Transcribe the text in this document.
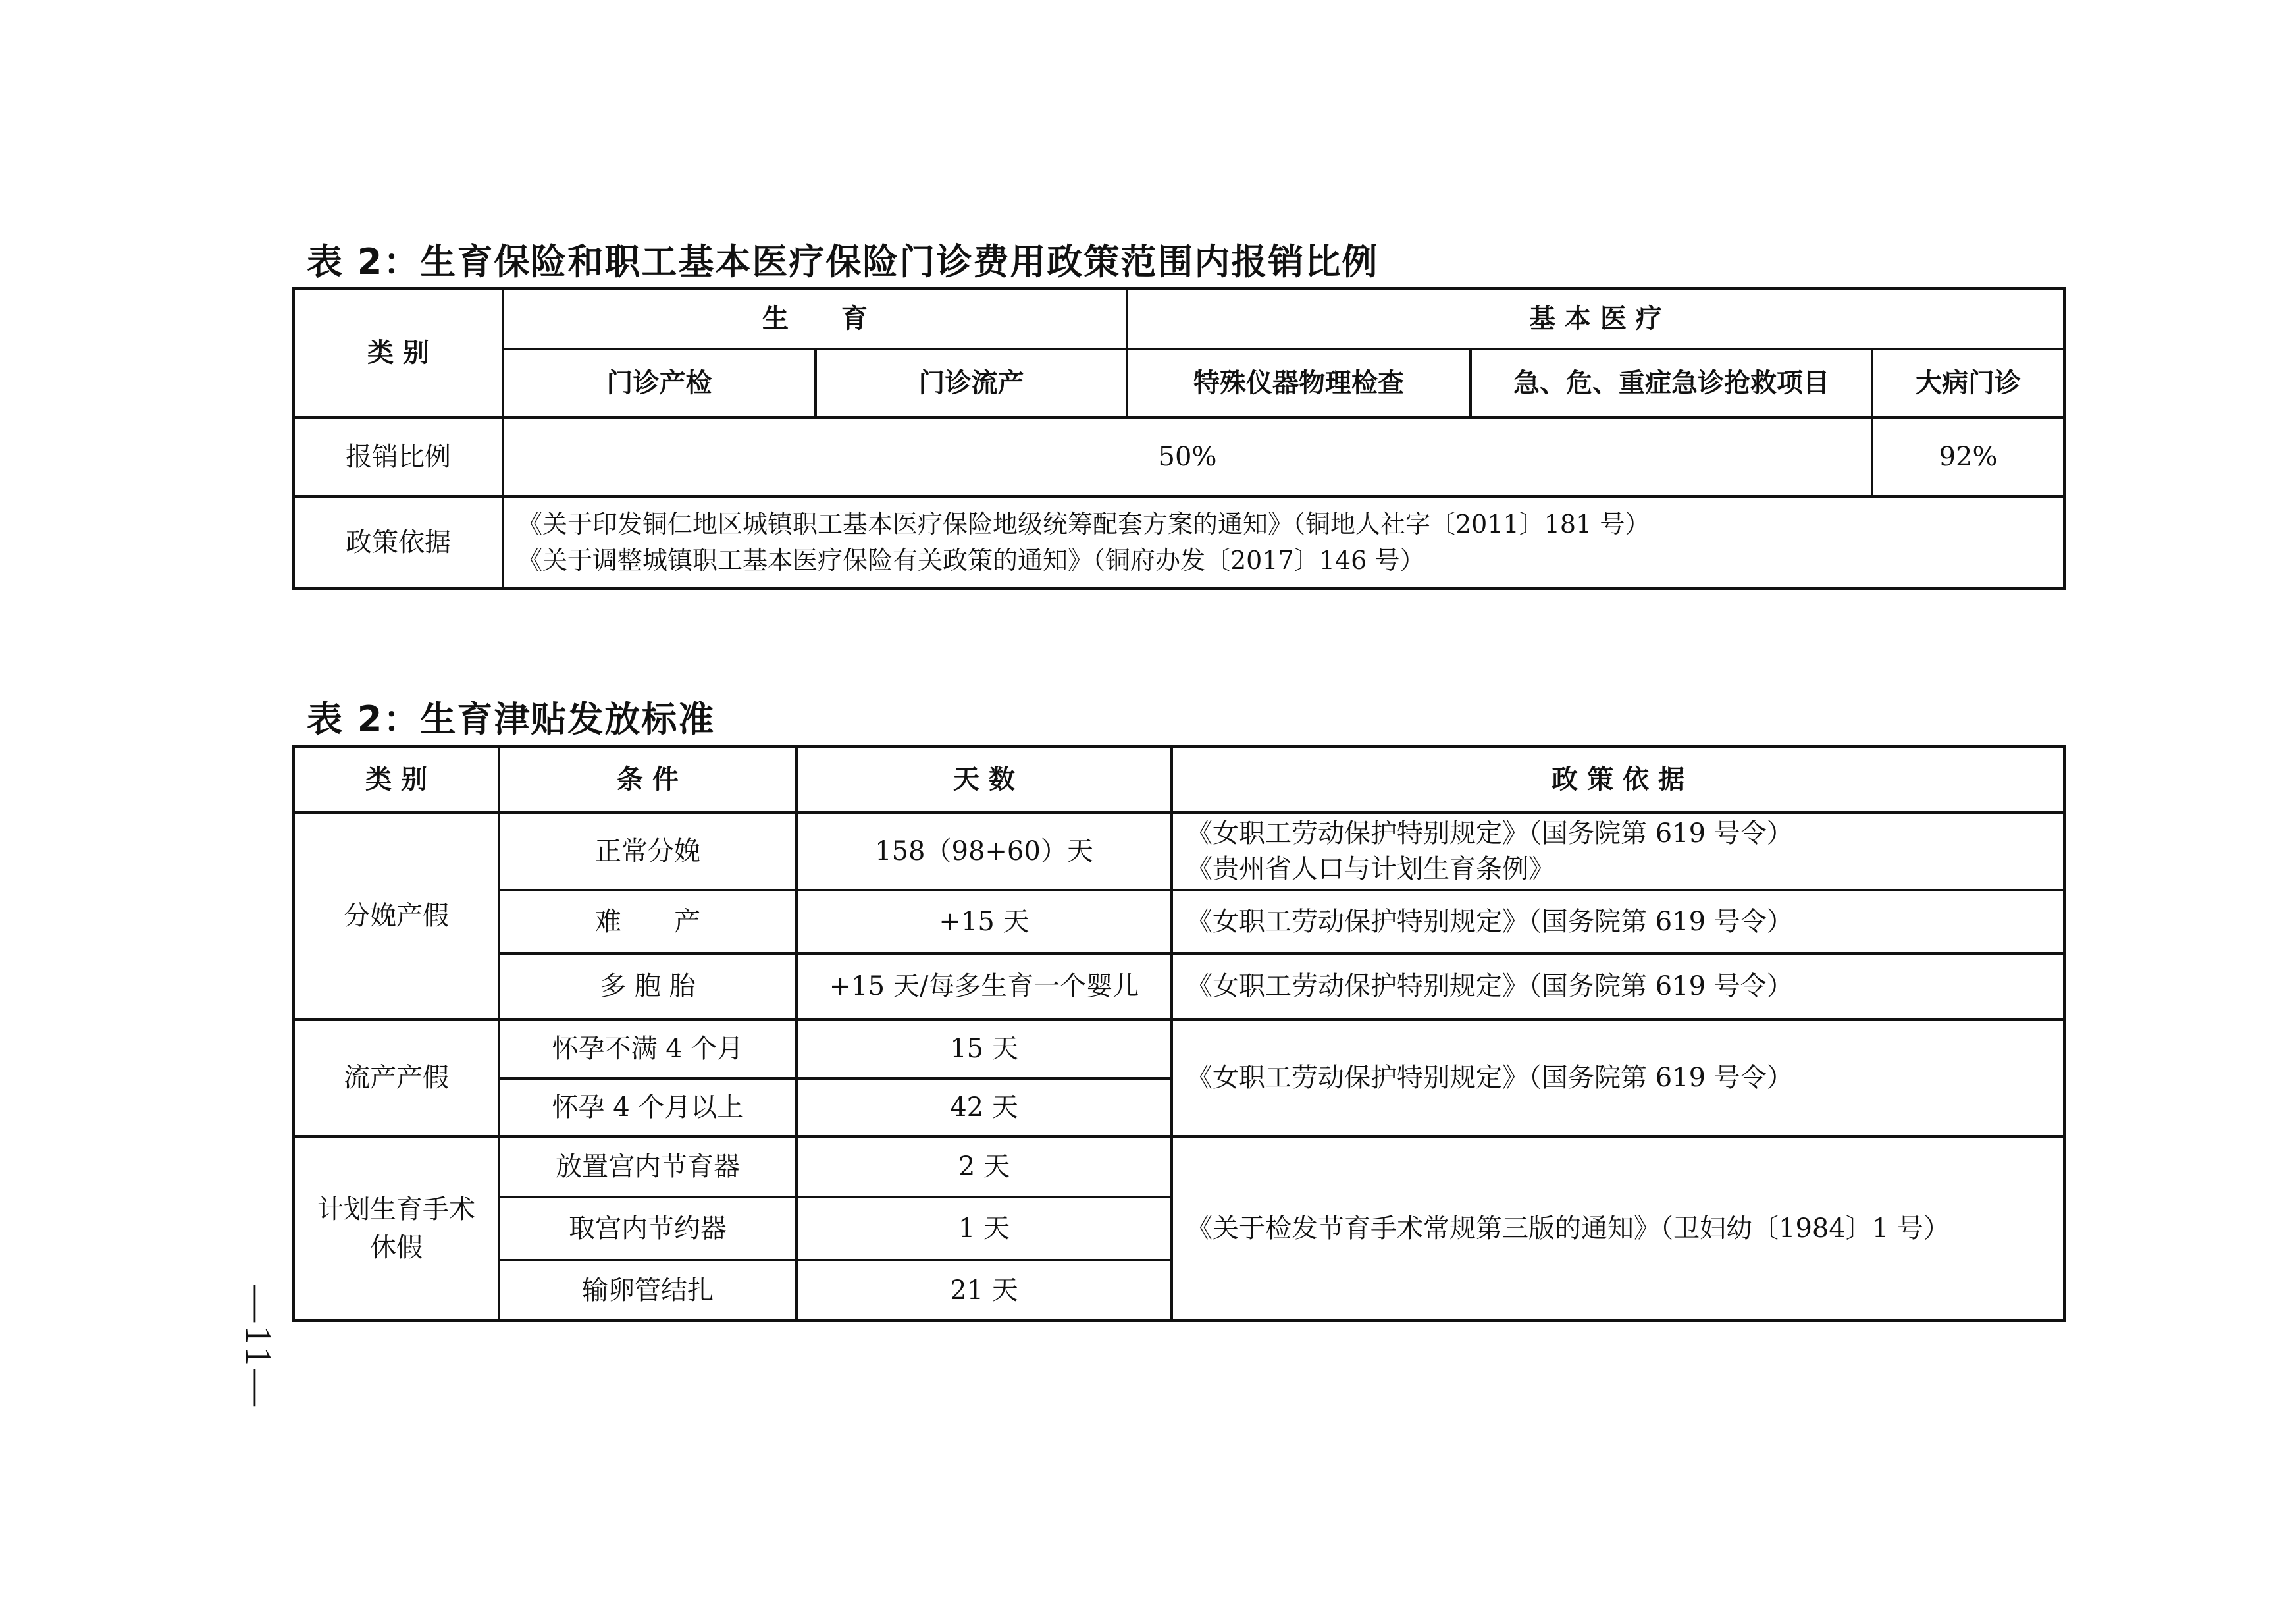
表 2：生育保险和职工基本医疗保险门诊费用政策范围内报销比例
类 别	生　　育		基 本 医 疗		
	门诊产检	门诊流产	特殊仪器物理检查	急、危、重症急诊抢救项目	大病门诊
报销比例	50%				92%
政策依据	《关于印发铜仁地区城镇职工基本医疗保险地级统筹配套方案的通知》（铜地人社字〔2011〕181 号）
《关于调整城镇职工基本医疗保险有关政策的通知》（铜府办发〔2017〕146 号）				
表 2：生育津贴发放标准
类 别	条 件	天 数	政 策 依 据
分娩产假	正常分娩	158（98+60）天	《女职工劳动保护特别规定》（国务院第 619 号令）
《贵州省人口与计划生育条例》

	难　　产	+15 天	《女职工劳动保护特别规定》（国务院第 619 号令）
	多 胞 胎	+15 天/每多生育一个婴儿	《女职工劳动保护特别规定》（国务院第 619 号令）
流产产假	怀孕不满 4 个月	15 天	《女职工劳动保护特别规定》（国务院第 619 号令）
	怀孕 4 个月以上	42 天	

计划生育手术
休假	放置宫内节育器	2 天	《关于检发节育手术常规第三版的通知》（卫妇幼〔1984〕1 号）
	取宫内节约器	1 天	
	输卵管结扎	21 天	
—11—
